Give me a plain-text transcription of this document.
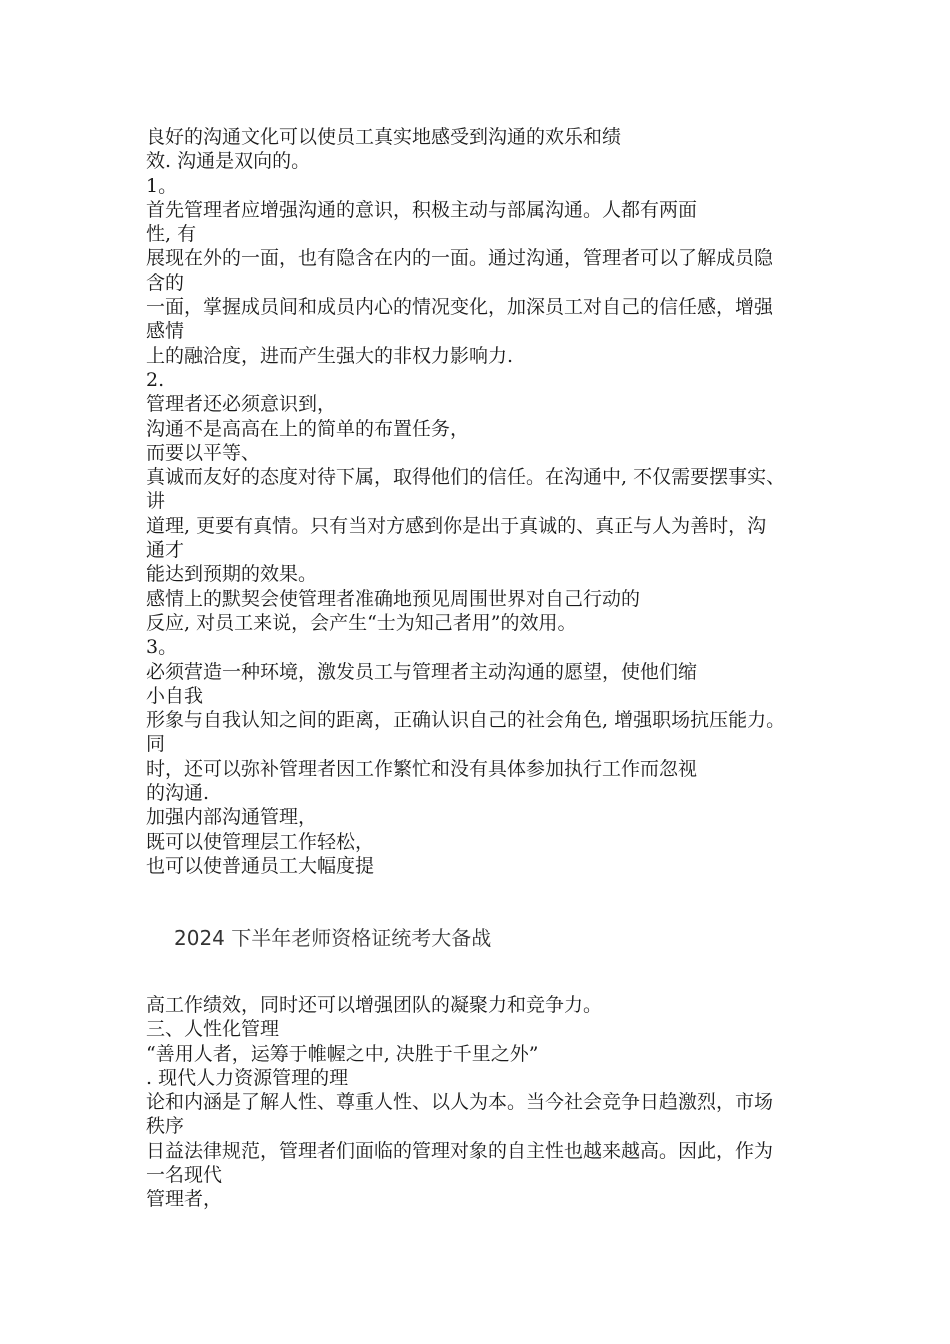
良好的沟通文化可以使员工真实地感受到沟通的欢乐和绩
效. 沟通是双向的。
1。
首先管理者应增强沟通的意识，积极主动与部属沟通。人都有两面
性, 有
展现在外的一面，也有隐含在内的一面。通过沟通，管理者可以了解成员隐
含的
一面，掌握成员间和成员内心的情况变化，加深员工对自己的信任感，增强
感情
上的融洽度，进而产生强大的非权力影响力.
2.
管理者还必须意识到，
沟通不是高高在上的简单的布置任务，
而要以平等、
真诚而友好的态度对待下属，取得他们的信任。在沟通中, 不仅需要摆事实、
讲
道理, 更要有真情。只有当对方感到你是出于真诚的、真正与人为善时，沟
通才
能达到预期的效果。
感情上的默契会使管理者准确地预见周围世界对自己行动的
反应, 对员工来说，会产生“士为知己者用”的效用。
3。
必须营造一种环境，激发员工与管理者主动沟通的愿望，使他们缩
小自我
形象与自我认知之间的距离，正确认识自己的社会角色, 增强职场抗压能力。
同
时，还可以弥补管理者因工作繁忙和没有具体参加执行工作而忽视
的沟通.
加强内部沟通管理，
既可以使管理层工作轻松，
也可以使普通员工大幅度提
2024 下半年老师资格证统考大备战
高工作绩效，同时还可以增强团队的凝聚力和竞争力。
三、人性化管理
“善用人者，运筹于帷幄之中, 决胜于千里之外”
. 现代人力资源管理的理
论和内涵是了解人性、尊重人性、以人为本。当今社会竞争日趋激烈，市场
秩序
日益法律规范，管理者们面临的管理对象的自主性也越来越高。因此，作为
一名现代
管理者，
